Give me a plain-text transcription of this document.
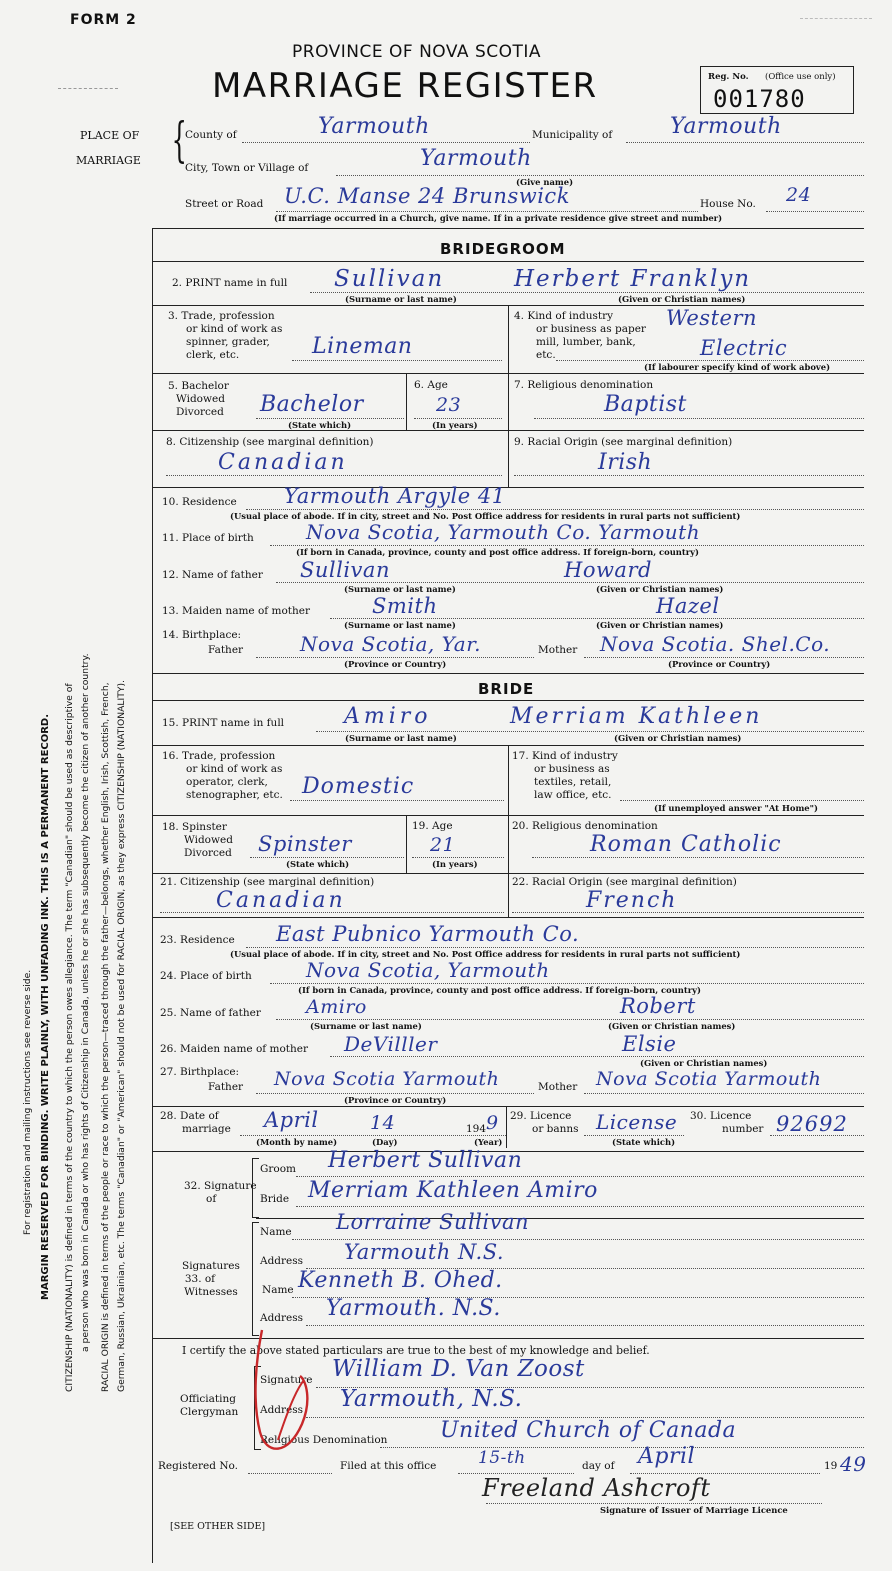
FORM 2
PROVINCE OF NOVA SCOTIA
MARRIAGE REGISTER	Reg. No. (Office use only)
001780
PLACE OF
MARRIAGE {
County of	Yarmouth	Municipality of	Yarmouth
City, Town or Village of	Yarmouth
(Give name)
Street or Road U.C. Manse 24 Brunswick	House No. 24
(If marriage occurred in a Church, give name. If in a private residence give street and number)
For registration and mailing instructions see reverse side. MARGIN RESERVED FOR BINDING. WRITE PLAINLY, WITH UNFADING INK. THIS IS A PERMANENT RECORD. CITIZENSHIP (NATIONALITY) is defined in terms of the country to which the person owes allegiance. The term "Canadian" should be used as descriptive of a person who was born in Canada or who has rights of Citizenship in Canada, unless he or she has subsequently become the citizen of another country. RACIAL ORIGIN is defined in terms of the people or race to which the person—traced through the father—belongs, whether English, Irish, Scottish, French, German, Russian, Ukrainian, etc. The terms "Canadian" or "American" should not be used for RACIAL ORIGIN, as they express CITIZENSHIP (NATIONALITY).
BRIDEGROOM
2. PRINT name in full Sullivan	Herbert Franklyn
(Surname or last name)	(Given or Christian names)
3. Trade, profession
or kind of work as
spinner, grader,
clerk, etc.	Lineman
4. Kind of industry
or business as paper
mill, lumber, bank,
etc.
Western
Electric
(If labourer specify kind of work above)
5. Bachelor
Widowed
Divorced Bachelor
(State which)
6. Age
23
(In years)
7. Religious denomination
Baptist
8. Citizenship (see marginal definition)
Canadian
9. Racial Origin (see marginal definition)
Irish
10. Residence Yarmouth Argyle 41
(Usual place of abode. If in city, street and No. Post Office address for residents in rural parts not sufficient)
11. Place of birth	Nova Scotia, Yarmouth Co. Yarmouth
(If born in Canada, province, county and post office address. If foreign-born, country)
12. Name of father Sullivan	Howard
(Surname or last name)	(Given or Christian names)
13. Maiden name of mother	Smith	Hazel
(Surname or last name)	(Given or Christian names)
14. Birthplace:
Father	Nova Scotia, Yar.	Mother Nova Scotia. Shel.Co.
(Province or Country)	(Province or Country)
BRIDE
15. PRINT name in full	Amiro	Merriam Kathleen
(Surname or last name)	(Given or Christian names)
16. Trade, profession
or kind of work as
operator, clerk,
stenographer, etc. Domestic
17. Kind of industry
or business as
textiles, retail,
law office, etc.
(If unemployed answer "At Home")
18. Spinster
Widowed
Divorced Spinster
(State which)
19. Age
21
(In years)
20. Religious denomination
Roman Catholic
21. Citizenship (see marginal definition)
Canadian
22. Racial Origin (see marginal definition)
French
23. Residence East Pubnico Yarmouth Co.
(Usual place of abode. If in city, street and No. Post Office address for residents in rural parts not sufficient)
24. Place of birth	Nova Scotia, Yarmouth
(If born in Canada, province, county and post office address. If foreign-born, country)
25. Name of father Amiro	Robert
(Surname or last name)	(Given or Christian names)
26. Maiden name of mother DeVilller	Elsie
(Given or Christian names)
27. Birthplace:
Father Nova Scotia Yarmouth	Mother Nova Scotia Yarmouth
(Province or Country)
28. Date of
marriage April	14	194 9
(Month by name)	(Day)	(Year)
29. Licence
or banns License
(State which)
30. Licence
number 92692
32. Signature
of
Groom Herbert Sullivan
Bride Merriam Kathleen Amiro
Signatures
33. of
Witnesses
Name Lorraine Sullivan
Address Yarmouth N.S.
Name Kenneth B. Ohed.
Address Yarmouth. N.S.
I certify the above stated particulars are true to the best of my knowledge and belief.
Officiating
Clergyman
Signature William D. Van Zoost
Address Yarmouth, N.S.
Religious Denomination United Church of Canada
Registered No.	Filed at this office 15-th	day of April	19 49
Freeland Ashcroft
Signature of Issuer of Marriage Licence
[SEE OTHER SIDE]
